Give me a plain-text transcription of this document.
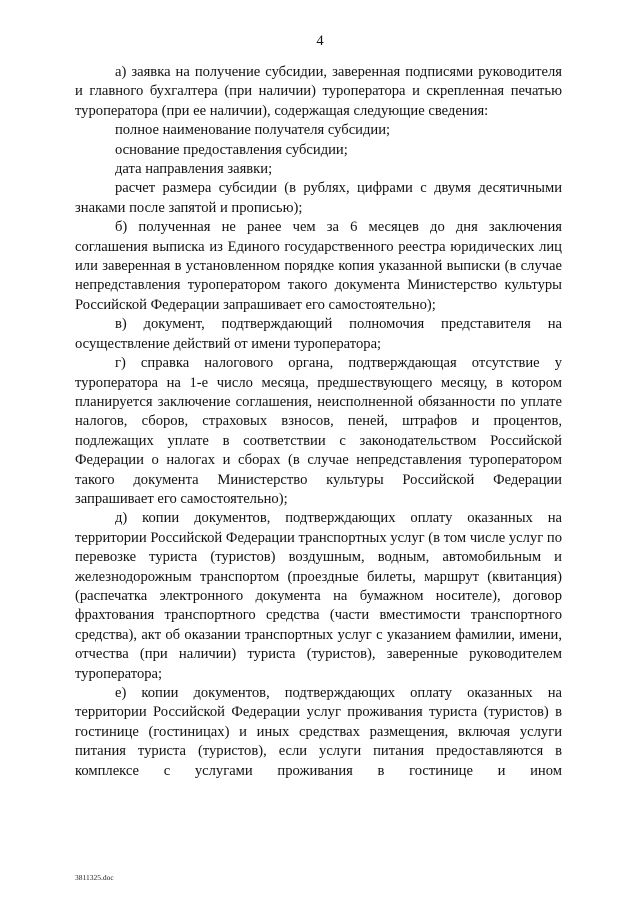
4

а) заявка на получение субсидии, заверенная подписями руководителя и главного бухгалтера (при наличии) туроператора и скрепленная печатью туроператора (при ее наличии), содержащая следующие сведения:

полное наименование получателя субсидии;

основание предоставления субсидии;

дата направления заявки;

расчет размера субсидии (в рублях, цифрами с двумя десятичными знаками после запятой и прописью);

б) полученная не ранее чем за 6 месяцев до дня заключения соглашения выписка из Единого государственного реестра юридических лиц или заверенная в установленном порядке копия указанной выписки (в случае непредставления туроператором такого документа Министерство культуры Российской Федерации запрашивает его самостоятельно);

в) документ, подтверждающий полномочия представителя на осуществление действий от имени туроператора;

г) справка налогового органа, подтверждающая отсутствие у туроператора на 1-е число месяца, предшествующего месяцу, в котором планируется заключение соглашения, неисполненной обязанности по уплате налогов, сборов, страховых взносов, пеней, штрафов и процентов, подлежащих уплате в соответствии с законодательством Российской Федерации о налогах и сборах (в случае непредставления туроператором такого документа Министерство культуры Российской Федерации запрашивает его самостоятельно);

д) копии документов, подтверждающих оплату оказанных на территории Российской Федерации транспортных услуг (в том числе услуг по перевозке туриста (туристов) воздушным, водным, автомобильным и железнодорожным транспортом (проездные билеты, маршрут (квитанция) (распечатка электронного документа на бумажном носителе), договор фрахтования транспортного средства (части вместимости транспортного средства), акт об оказании транспортных услуг с указанием фамилии, имени, отчества (при наличии) туриста (туристов), заверенные руководителем туроператора;

е) копии документов, подтверждающих оплату оказанных на территории Российской Федерации услуг проживания туриста (туристов) в гостинице (гостиницах) и иных средствах размещения, включая услуги питания туриста (туристов), если услуги питания предоставляются в комплексе с услугами проживания в гостинице и ином

3811325.doc
